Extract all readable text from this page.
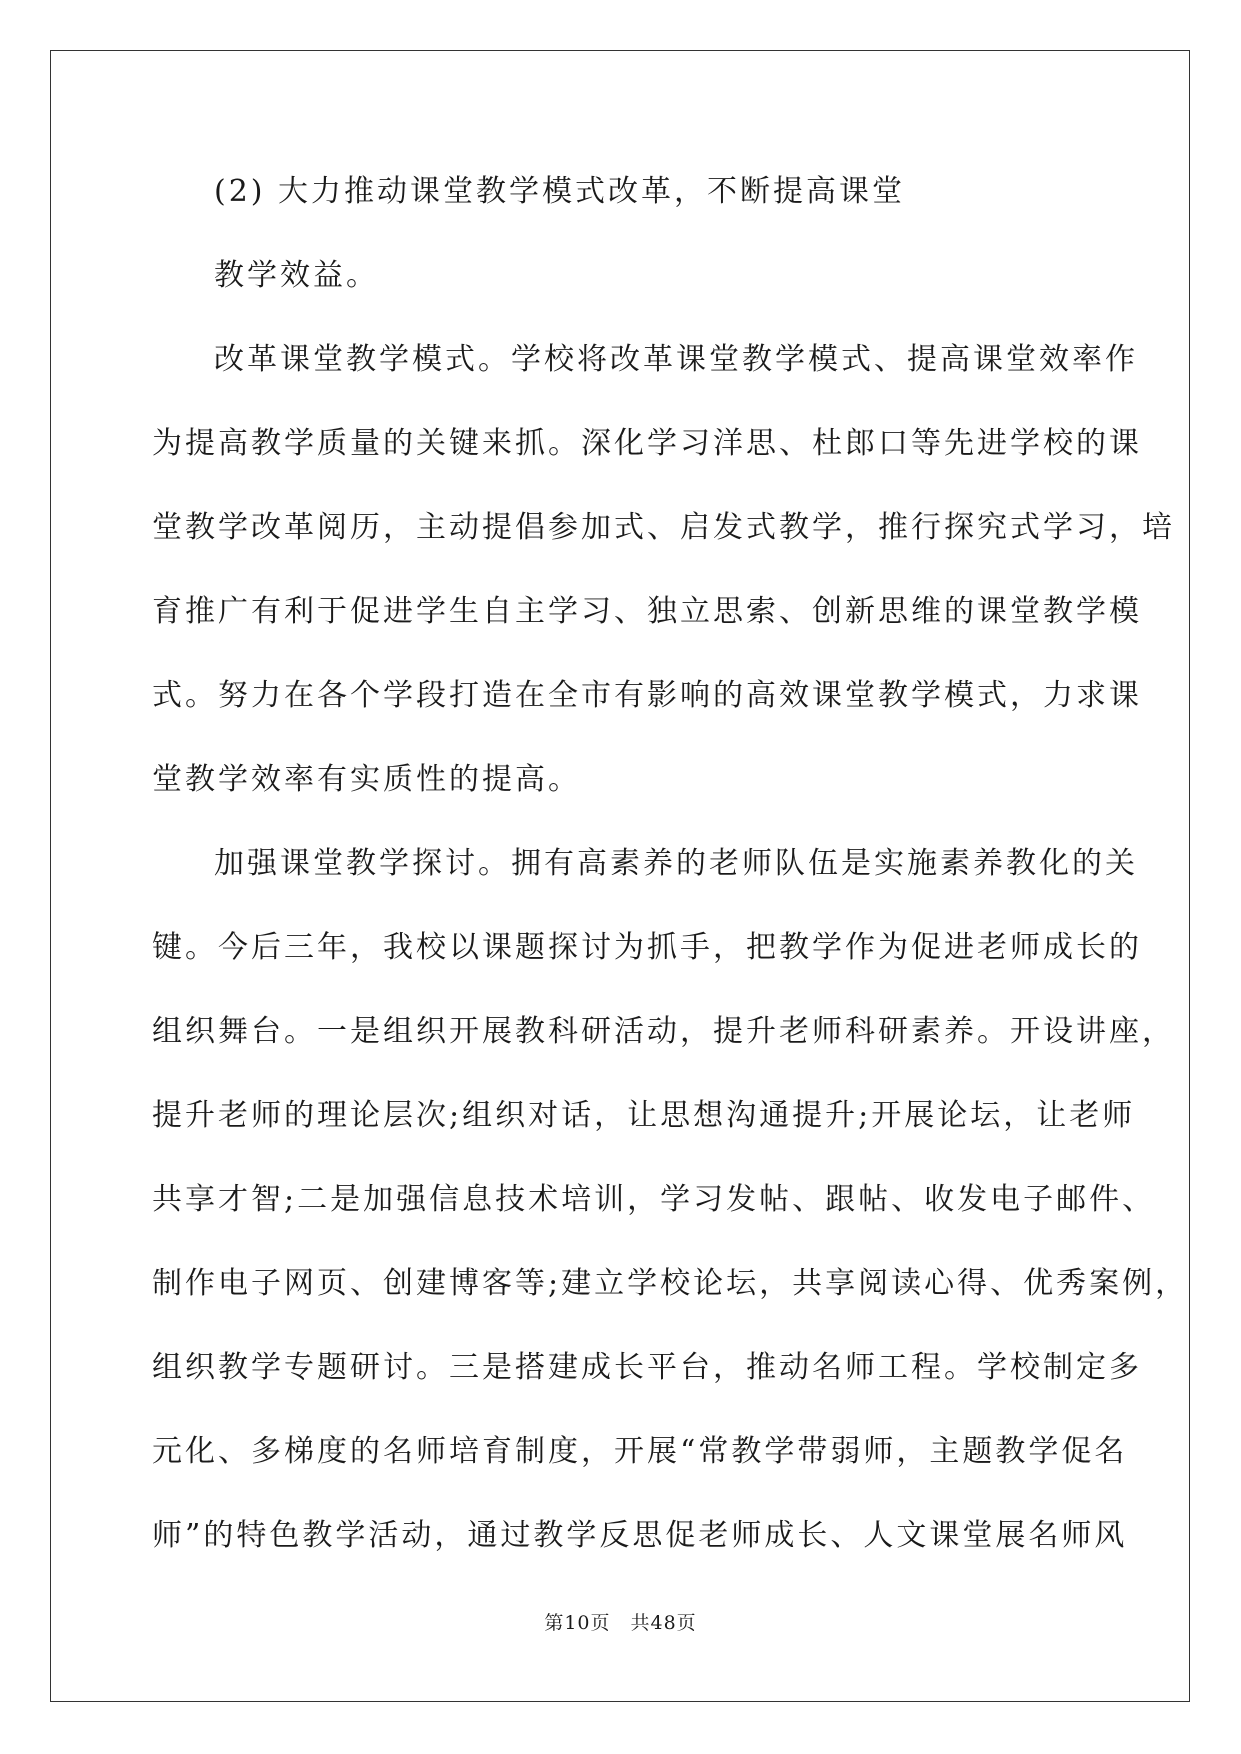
(2) 大力推动课堂教学模式改革，不断提高课堂
教学效益。
改革课堂教学模式。学校将改革课堂教学模式、提高课堂效率作
为提高教学质量的关键来抓。深化学习洋思、杜郎口等先进学校的课
堂教学改革阅历，主动提倡参加式、启发式教学，推行探究式学习，培
育推广有利于促进学生自主学习、独立思索、创新思维的课堂教学模
式。努力在各个学段打造在全市有影响的高效课堂教学模式，力求课
堂教学效率有实质性的提高。
加强课堂教学探讨。拥有高素养的老师队伍是实施素养教化的关
键。今后三年，我校以课题探讨为抓手，把教学作为促进老师成长的
组织舞台。一是组织开展教科研活动，提升老师科研素养。开设讲座，
提升老师的理论层次;组织对话，让思想沟通提升;开展论坛，让老师
共享才智;二是加强信息技术培训，学习发帖、跟帖、收发电子邮件、
制作电子网页、创建博客等;建立学校论坛，共享阅读心得、优秀案例，
组织教学专题研讨。三是搭建成长平台，推动名师工程。学校制定多
元化、多梯度的名师培育制度，开展“常教学带弱师，主题教学促名
师”的特色教学活动，通过教学反思促老师成长、人文课堂展名师风
第10页　共48页
